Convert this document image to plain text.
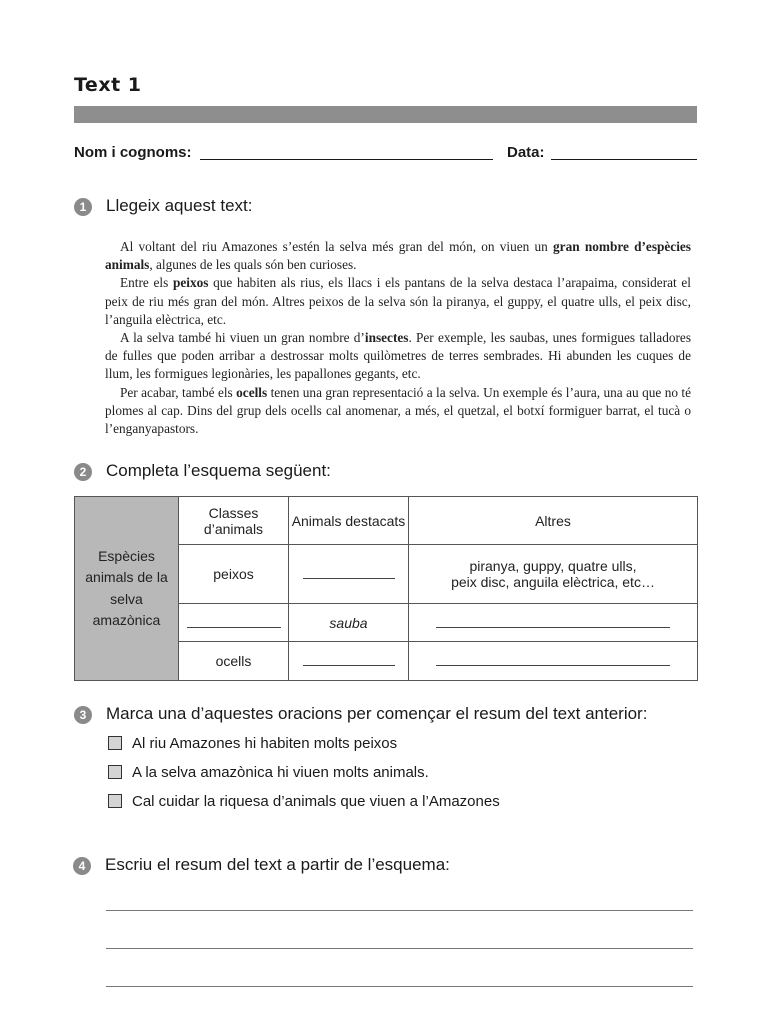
Text 1
Nom i cognoms:	Data:
1	Llegeix aquest text:

Al voltant del riu Amazones s’estén la selva més gran del món, on viuen un gran nombre d’espècies animals, algunes de les quals són ben curioses.

Entre els peixos que habiten als rius, els llacs i els pantans de la selva destaca l’arapaima, considerat el peix de riu més gran del món. Altres peixos de la selva són la piranya, el guppy, el quatre ulls, el peix disc, l’anguila elèctrica, etc.

A la selva també hi viuen un gran nombre d’insectes. Per exemple, les saubas, unes formigues talladores de fulles que poden arribar a destrossar molts quilòmetres de terres sembrades. Hi abunden les cuques de llum, les formigues legionàries, les papallones gegants, etc.

Per acabar, també els ocells tenen una gran representació a la selva. Un exemple és l’aura, una au que no té plomes al cap. Dins del grup dels ocells cal anomenar, a més, el quetzal, el botxí formiguer barrat, el tucà o l’enganyapastors.

2	Completa l’esquema següent:
Espècies animals de la selva amazònica	Classes d’animals	Animals destacats	Altres
	peixos		piranya, guppy, quatre ulls,
peix disc, anguila elèctrica, etc…

		sauba	
	ocells		
3	Marca una d’aquestes oracions per començar el resum del text anterior:
Al riu Amazones hi habiten molts peixos
A la selva amazònica hi viuen molts animals.
Cal cuidar la riquesa d’animals que viuen a l’Amazones
4	Escriu el resum del text a partir de l’esquema:
